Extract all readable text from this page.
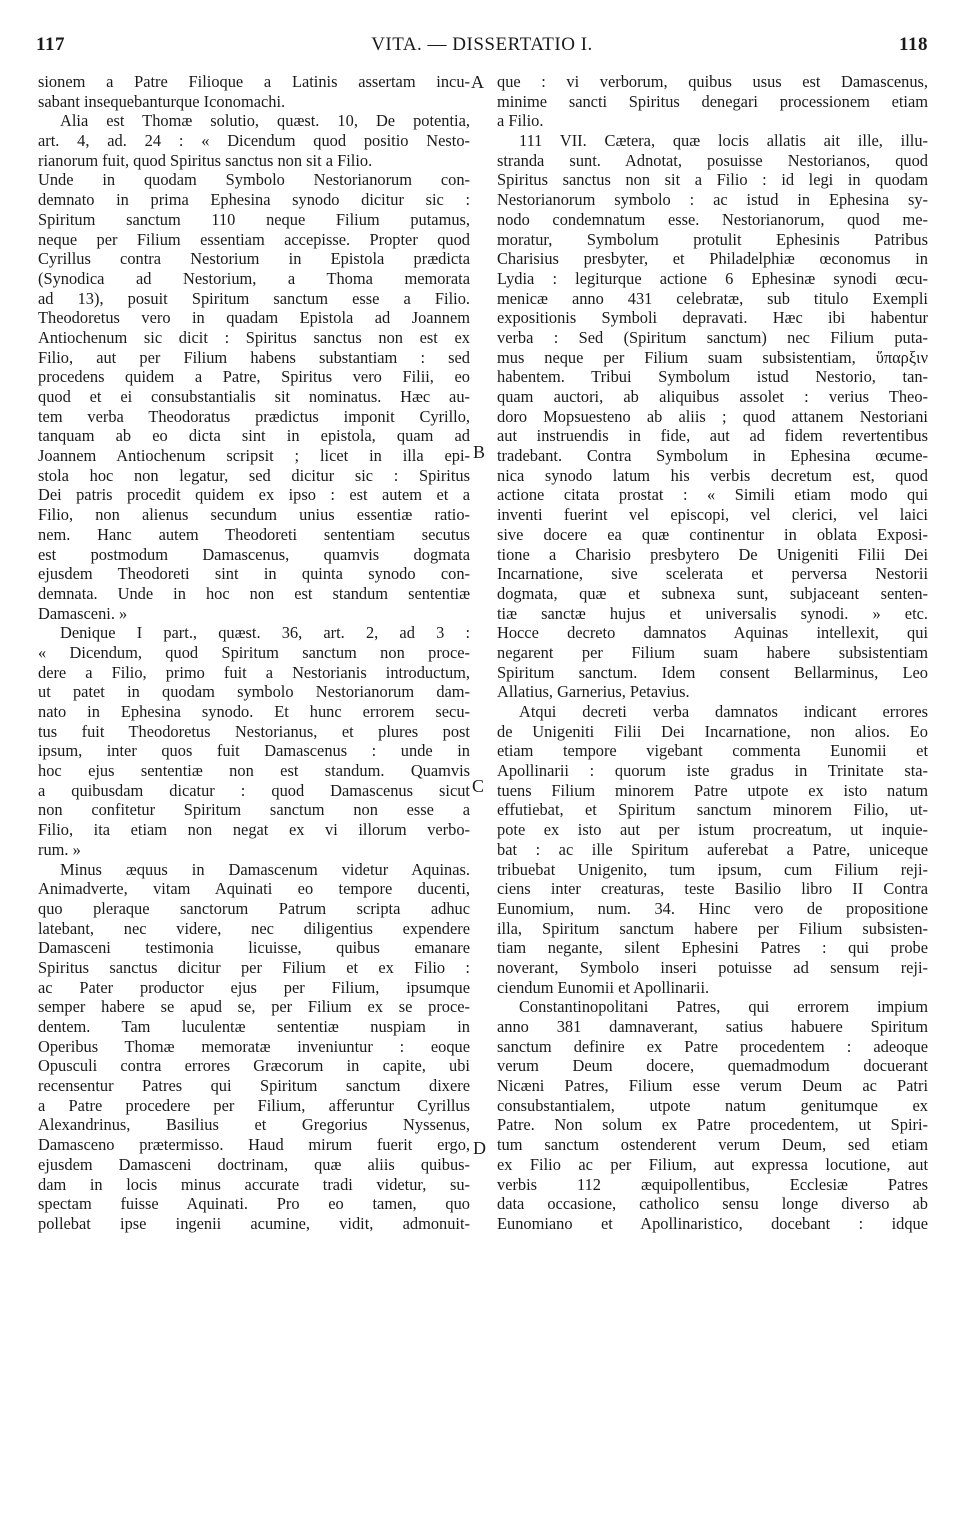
117	VITA. — DISSERTATIO I.	118
sionem a Patre Filioque a Latinis assertam incu-
sabant insequebanturque Iconomachi.
Alia est Thomæ solutio, quæst. 10, De potentia,
art. 4, ad. 24 : « Dicendum quod positio Nesto-
rianorum fuit, quod Spiritus sanctus non sit a Filio.
Unde in quodam Symbolo Nestorianorum con-
demnato in prima Ephesina synodo dicitur sic :
Spiritum sanctum 110 neque Filium putamus,
neque per Filium essentiam accepisse. Propter quod
Cyrillus contra Nestorium in Epistola prædicta
(Synodica ad Nestorium, a Thoma memorata
ad 13), posuit Spiritum sanctum esse a Filio.
Theodoretus vero in quadam Epistola ad Joannem
Antiochenum sic dicit : Spiritus sanctus non est ex
Filio, aut per Filium habens substantiam : sed
procedens quidem a Patre, Spiritus vero Filii, eo
quod et ei consubstantialis sit nominatus. Hæc au-
tem verba Theodoratus prædictus imponit Cyrillo,
tanquam ab eo dicta sint in epistola, quam ad
Joannem Antiochenum scripsit ; licet in illa epi-
stola hoc non legatur, sed dicitur sic : Spiritus
Dei patris procedit quidem ex ipso : est autem et a
Filio, non alienus secundum unius essentiæ ratio-
nem. Hanc autem Theodoreti sententiam secutus
est postmodum Damascenus, quamvis dogmata
ejusdem Theodoreti sint in quinta synodo con-
demnata. Unde in hoc non est standum sententiæ
Damasceni. »
Denique I part., quæst. 36, art. 2, ad 3 :
« Dicendum, quod Spiritum sanctum non proce-
dere a Filio, primo fuit a Nestorianis introductum,
ut patet in quodam symbolo Nestorianorum dam-
nato in Ephesina synodo. Et hunc errorem secu-
tus fuit Theodoretus Nestorianus, et plures post
ipsum, inter quos fuit Damascenus : unde in
hoc ejus sententiæ non est standum. Quamvis
a quibusdam dicatur : quod Damascenus sicut
non confitetur Spiritum sanctum non esse a
Filio, ita etiam non negat ex vi illorum verbo-
rum. »
Minus æquus in Damascenum videtur Aquinas.
Animadverte, vitam Aquinati eo tempore ducenti,
quo pleraque sanctorum Patrum scripta adhuc
latebant, nec videre, nec diligentius expendere
Damasceni testimonia licuisse, quibus emanare
Spiritus sanctus dicitur per Filium et ex Filio :
ac Pater productor ejus per Filium, ipsumque
semper habere se apud se, per Filium ex se proce-
dentem. Tam luculentæ sententiæ nuspiam in
Operibus Thomæ memoratæ inveniuntur : eoque
Opusculi contra errores Græcorum in capite, ubi
recensentur Patres qui Spiritum sanctum dixere
a Patre procedere per Filium, afferuntur Cyrillus
Alexandrinus, Basilius et Gregorius Nyssenus,
Damasceno prætermisso. Haud mirum fuerit ergo,
ejusdem Damasceni doctrinam, quæ aliis quibus-
dam in locis minus accurate tradi videtur, su-
spectam fuisse Aquinati. Pro eo tamen, quo
pollebat ipse ingenii acumine, vidit, admonuit-
que : vi verborum, quibus usus est Damascenus,
minime sancti Spiritus denegari processionem etiam
a Filio.
111 VII. Cætera, quæ locis allatis ait ille, illu-
stranda sunt. Adnotat, posuisse Nestorianos, quod
Spiritus sanctus non sit a Filio : id legi in quodam
Nestorianorum symbolo : ac istud in Ephesina sy-
nodo condemnatum esse. Nestorianorum, quod me-
moratur, Symbolum protulit Ephesinis Patribus
Charisius presbyter, et Philadelphiæ œconomus in
Lydia : legiturque actione 6 Ephesinæ synodi œcu-
menicæ anno 431 celebratæ, sub titulo Exempli
expositionis Symboli depravati. Hæc ibi habentur
verba : Sed (Spiritum sanctum) nec Filium puta-
mus neque per Filium suam subsistentiam, ὕπαρξιν
habentem. Tribui Symbolum istud Nestorio, tan-
quam auctori, ab aliquibus assolet : verius Theo-
doro Mopsuesteno ab aliis ; quod attanem Nestoriani
aut instruendis in fide, aut ad fidem revertentibus
tradebant. Contra Symbolum in Ephesina œcume-
nica synodo latum his verbis decretum est, quod
actione citata prostat : « Simili etiam modo qui
inventi fuerint vel episcopi, vel clerici, vel laici
sive docere ea quæ continentur in oblata Exposi-
tione a Charisio presbytero De Unigeniti Filii Dei
Incarnatione, sive scelerata et perversa Nestorii
dogmata, quæ et subnexa sunt, subjaceant senten-
tiæ sanctæ hujus et universalis synodi. » etc.
Hocce decreto damnatos Aquinas intellexit, qui
negarent per Filium suam habere subsistentiam
Spiritum sanctum. Idem consent Bellarminus, Leo
Allatius, Garnerius, Petavius.
Atqui decreti verba damnatos indicant errores
de Unigeniti Filii Dei Incarnatione, non alios. Eo
etiam tempore vigebant commenta Eunomii et
Apollinarii : quorum iste gradus in Trinitate sta-
tuens Filium minorem Patre utpote ex isto natum
effutiebat, et Spiritum sanctum minorem Filio, ut-
pote ex isto aut per istum procreatum, ut inquie-
bat : ac ille Spiritum auferebat a Patre, uniceque
tribuebat Unigenito, tum ipsum, cum Filium reji-
ciens inter creaturas, teste Basilio libro II Contra
Eunomium, num. 34. Hinc vero de propositione
illa, Spiritum sanctum habere per Filium subsisten-
tiam negante, silent Ephesini Patres : qui probe
noverant, Symbolo inseri potuisse ad sensum reji-
ciendum Eunomii et Apollinarii.
Constantinopolitani Patres, qui errorem impium
anno 381 damnaverant, satius habuere Spiritum
sanctum definire ex Patre procedentem : adeoque
verum Deum docere, quemadmodum docuerant
Nicæni Patres, Filium esse verum Deum ac Patri
consubstantialem, utpote natum genitumque ex
Patre. Non solum ex Patre procedentem, ut Spiri-
tum sanctum ostenderent verum Deum, sed etiam
ex Filio ac per Filium, aut expressa locutione, aut
verbis 112 æquipollentibus, Ecclesiæ Patres
data occasione, catholico sensu longe diverso ab
Eunomiano et Apollinaristico, docebant : idque
A
B
C
D
